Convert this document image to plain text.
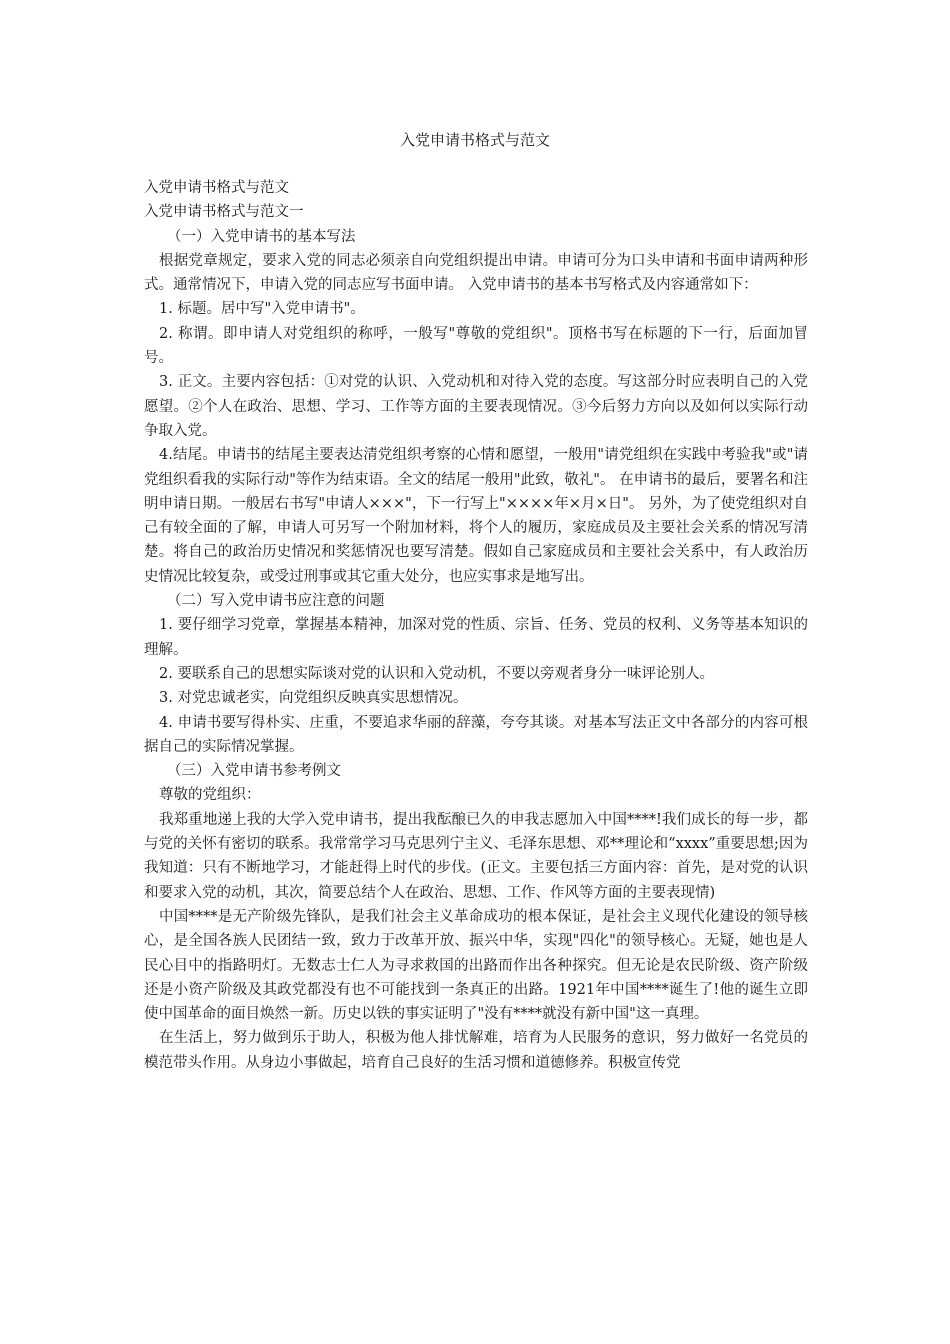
入党申请书格式与范文

入党申请书格式与范文

入党申请书格式与范文一

（一）入党申请书的基本写法

根据党章规定，要求入党的同志必须亲自向党组织提出申请。申请可分为口头申请和书面申请两种形式。通常情况下，申请入党的同志应写书面申请。 入党申请书的基本书写格式及内容通常如下：

1. 标题。居中写"入党申请书"。

2. 称谓。即申请人对党组织的称呼，一般写"尊敬的党组织"。顶格书写在标题的下一行，后面加冒号。

3. 正文。主要内容包括：①对党的认识、入党动机和对待入党的态度。写这部分时应表明自己的入党愿望。②个人在政治、思想、学习、工作等方面的主要表现情况。③今后努力方向以及如何以实际行动争取入党。

4.结尾。申请书的结尾主要表达清党组织考察的心情和愿望，一般用"请党组织在实践中考验我"或"请党组织看我的实际行动"等作为结束语。全文的结尾一般用"此致，敬礼"。 在申请书的最后，要署名和注明申请日期。一般居右书写"申请人×××"，下一行写上"××××年×月×日"。 另外，为了使党组织对自己有较全面的了解，申请人可另写一个附加材料，将个人的履历，家庭成员及主要社会关系的情况写清楚。将自己的政治历史情况和奖惩情况也要写清楚。假如自己家庭成员和主要社会关系中，有人政治历史情况比较复杂，或受过刑事或其它重大处分，也应实事求是地写出。

（二）写入党申请书应注意的问题

1. 要仔细学习党章，掌握基本精神，加深对党的性质、宗旨、任务、党员的权利、义务等基本知识的理解。

2. 要联系自己的思想实际谈对党的认识和入党动机，不要以旁观者身分一味评论别人。

3. 对党忠诚老实，向党组织反映真实思想情况。

4. 申请书要写得朴实、庄重，不要追求华丽的辞藻，夸夸其谈。对基本写法正文中各部分的内容可根据自己的实际情况掌握。

（三）入党申请书参考例文

尊敬的党组织：

我郑重地递上我的大学入党申请书，提出我酝酿已久的申我志愿加入中国****!我们成长的每一步，都与党的关怀有密切的联系。我常常学习马克思列宁主义、毛泽东思想、邓**理论和“xxxx”重要思想;因为我知道：只有不断地学习，才能赶得上时代的步伐。(正文。主要包括三方面内容：首先，是对党的认识和要求入党的动机，其次，简要总结个人在政治、思想、工作、作风等方面的主要表现情)

中国****是无产阶级先锋队，是我们社会主义革命成功的根本保证，是社会主义现代化建设的领导核心，是全国各族人民团结一致，致力于改革开放、振兴中华，实现"四化"的领导核心。无疑，她也是人民心目中的指路明灯。无数志士仁人为寻求救国的出路而作出各种探究。但无论是农民阶级、资产阶级还是小资产阶级及其政党都没有也不可能找到一条真正的出路。1921年中国****诞生了!他的诞生立即使中国革命的面目焕然一新。历史以铁的事实证明了"没有****就没有新中国"这一真理。

在生活上，努力做到乐于助人，积极为他人排忧解难，培育为人民服务的意识，努力做好一名党员的模范带头作用。从身边小事做起，培育自己良好的生活习惯和道德修养。积极宣传党
